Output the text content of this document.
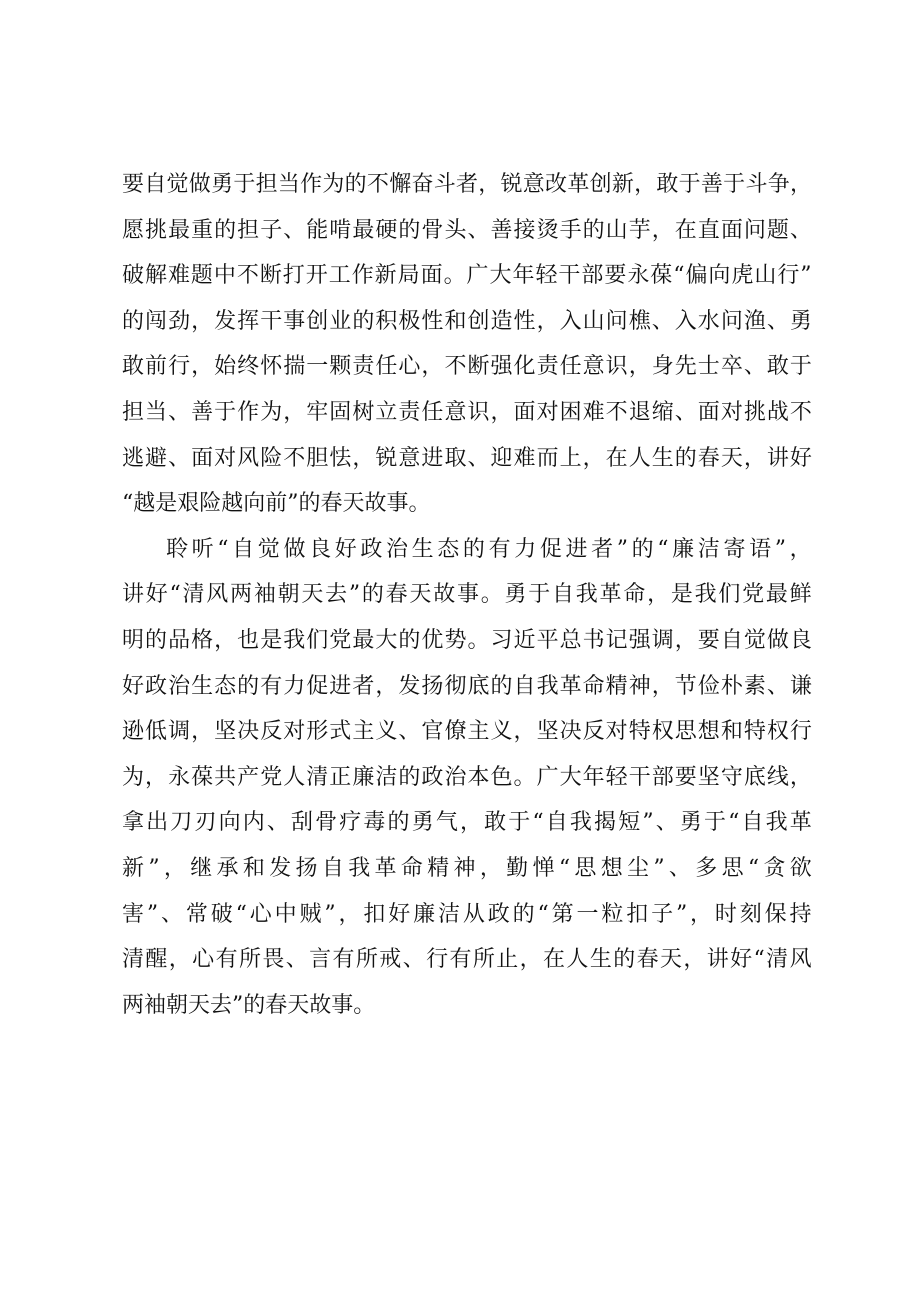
要 自 觉 做 勇 于 担 当 作 为 的 不 懈 奋 斗 者 ， 锐 意 改 革 创 新 ， 敢 于 善 于 斗 争 ，
愿 挑 最 重 的 担 子 、 能 啃 最 硬 的 骨 头 、 善 接 烫 手 的 山 芋 ， 在 直 面 问 题 、
破 解 难 题 中 不 断 打 开 工 作 新 局 面 。 广 大 年 轻 干 部 要 永 葆 “ 偏 向 虎 山 行 ”
的 闯 劲 ， 发 挥 干 事 创 业 的 积 极 性 和 创 造 性 ， 入 山 问 樵 、 入 水 问 渔 、 勇
敢 前 行 ， 始 终 怀 揣 一 颗 责 任 心 ， 不 断 强 化 责 任 意 识 ， 身 先 士 卒 、 敢 于
担 当 、 善 于 作 为 ， 牢 固 树 立 责 任 意 识 ， 面 对 困 难 不 退 缩 、 面 对 挑 战 不
逃 避 、 面 对 风 险 不 胆 怯 ， 锐 意 进 取 、 迎 难 而 上 ， 在 人 生 的 春 天 ， 讲 好
“越是艰险越向前”的春天故事。
聆 听 “ 自 觉 做 良 好 政 治 生 态 的 有 力 促 进 者 ” 的 “ 廉 洁 寄 语 ” ，
讲 好 “ 清 风 两 袖 朝 天 去 ” 的 春 天 故 事 。 勇 于 自 我 革 命 ， 是 我 们 党 最 鲜
明 的 品 格 ， 也 是 我 们 党 最 大 的 优 势 。 习 近 平 总 书 记 强 调 ， 要 自 觉 做 良
好 政 治 生 态 的 有 力 促 进 者 ， 发 扬 彻 底 的 自 我 革 命 精 神 ， 节 俭 朴 素 、 谦
逊 低 调 ， 坚 决 反 对 形 式 主 义 、 官 僚 主 义 ， 坚 决 反 对 特 权 思 想 和 特 权 行
为 ， 永 葆 共 产 党 人 清 正 廉 洁 的 政 治 本 色 。 广 大 年 轻 干 部 要 坚 守 底 线 ，
拿 出 刀 刃 向 内 、 刮 骨 疗 毒 的 勇 气 ， 敢 于 “ 自 我 揭 短 ” 、 勇 于 “ 自 我 革
新 ” ， 继 承 和 发 扬 自 我 革 命 精 神 ， 勤 惮 “ 思 想 尘 ” 、 多 思 “ 贪 欲
害 ” 、 常 破 “ 心 中 贼 ” ， 扣 好 廉 洁 从 政 的 “ 第 一 粒 扣 子 ” ， 时 刻 保 持
清 醒 ， 心 有 所 畏 、 言 有 所 戒 、 行 有 所 止 ， 在 人 生 的 春 天 ， 讲 好 “ 清 风
两袖朝天去”的春天故事。
